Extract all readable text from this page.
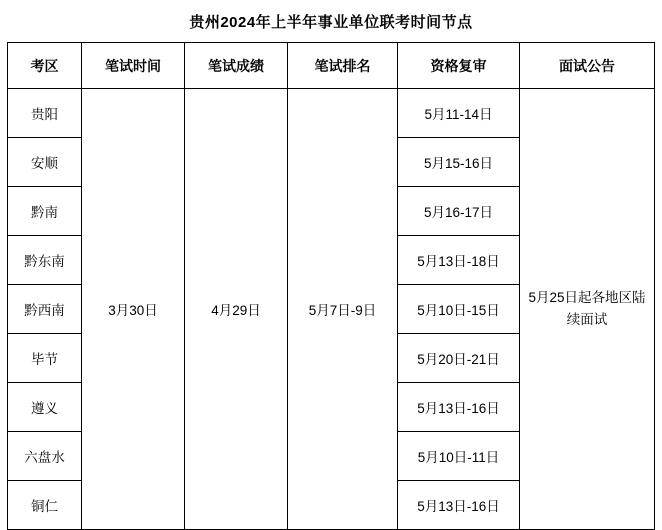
贵州2024年上半年事业单位联考时间节点
考区	笔试时间	笔试成绩	笔试排名	资格复审	面试公告
贵阳	3月30日	4月29日	5月7日-9日	5月11-14日	5月25日起各地区陆续面试
安顺				5月15-16日	
黔南				5月16-17日	
黔东南				5月13日-18日	
黔西南				5月10日-15日	
毕节				5月20日-21日	
遵义				5月13日-16日	
六盘水				5月10日-11日	
铜仁				5月13日-16日	
